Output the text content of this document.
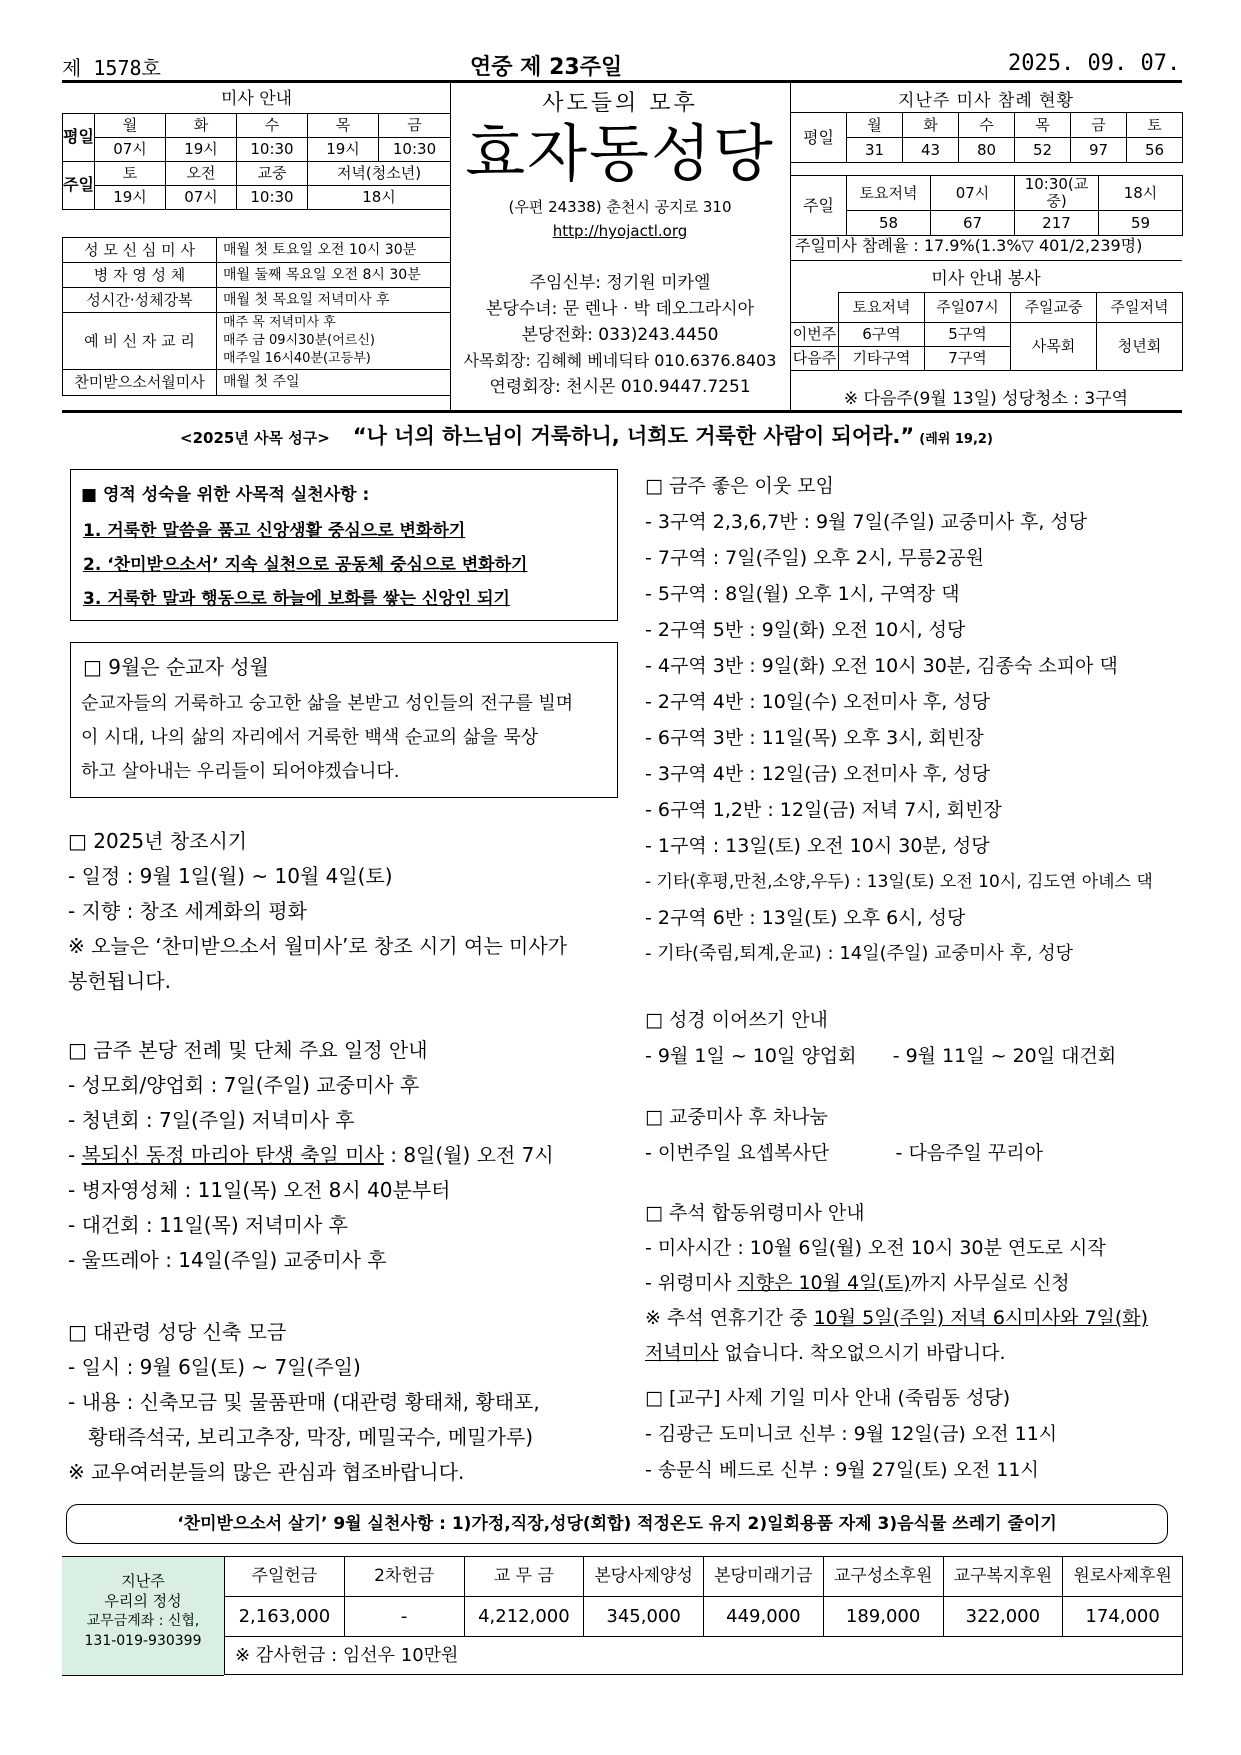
제 1578호	연중 제 23주일	2025. 09. 07.
미사 안내					
평일	월	화	수	목	금
	07시	19시	10:30	19시	10:30
주일	토	오전	교중	저녁(청소년)	
	19시	07시	10:30	18시	
성 모 신 심 미 사	매월 첫 토요일 오전 10시 30분
병 자 영 성 체	매월 둘째 목요일 오전 8시 30분
성시간·성체강복	매월 첫 목요일 저녁미사 후
예 비 신 자 교 리	매주 목 저녁미사 후
매주 금 09시30분(어르신)
매주일 16시40분(고등부)

찬미받으소서월미사	매월 첫 주일
사도들의 모후
효자동성당
(우편 24338) 춘천시 공지로 310
http://hyojactl.org
주임신부: 정기원 미카엘
본당수녀: 문 렌나 · 박 데오그라시아
본당전화: 033)243.4450
사목회장: 김혜혜 베네딕타 010.6376.8403
연령회장: 천시몬 010.9447.7251
지난주 미사 참례 현황
평일	월	화	수	목	금	토
	31	43	80	52	97	56
주일	토요저녁	07시	10:30(교중)	18시
	58	67	217	59
주일미사 참례율 : 17.9%(1.3%▽ 401/2,239명)
미사 안내 봉사
	토요저녁	주일07시	주일교중	주일저녁
이번주	6구역	5구역	사목회	청년회
다음주	기타구역	7구역		
※ 다음주(9월 13일) 성당청소 : 3구역
<2025년 사목 성구> “나 너의 하느님이 거룩하니, 너희도 거룩한 사람이 되어라.” (레위 19,2)
■ 영적 성숙을 위한 사목적 실천사항 :
1. 거룩한 말씀을 품고 신앙생활 중심으로 변화하기
2. ‘찬미받으소서’ 지속 실천으로 공동체 중심으로 변화하기
3. 거룩한 말과 행동으로 하늘에 보화를 쌓는 신앙인 되기
□ 9월은 순교자 성월
순교자들의 거룩하고 숭고한 삶을 본받고 성인들의 전구를 빌며
이 시대, 나의 삶의 자리에서 거룩한 백색 순교의 삶을 묵상
하고 살아내는 우리들이 되어야겠습니다.
□ 2025년 창조시기
- 일정 : 9월 1일(월) ~ 10월 4일(토)
- 지향 : 창조 세계화의 평화
※ 오늘은 ‘찬미받으소서 월미사’로 창조 시기 여는 미사가
봉헌됩니다.
□ 금주 본당 전례 및 단체 주요 일정 안내
- 성모회/양업회 : 7일(주일) 교중미사 후
- 청년회 : 7일(주일) 저녁미사 후
- 복되신 동정 마리아 탄생 축일 미사 : 8일(월) 오전 7시
- 병자영성체 : 11일(목) 오전 8시 40분부터
- 대건회 : 11일(목) 저녁미사 후
- 울뜨레아 : 14일(주일) 교중미사 후
□ 대관령 성당 신축 모금
- 일시 : 9월 6일(토) ~ 7일(주일)
- 내용 : 신축모금 및 물품판매 (대관령 황태채, 황태포,
황태즉석국, 보리고추장, 막장, 메밀국수, 메밀가루)
※ 교우여러분들의 많은 관심과 협조바랍니다.
□ 금주 좋은 이웃 모임
- 3구역 2,3,6,7반 : 9월 7일(주일) 교중미사 후, 성당
- 7구역 : 7일(주일) 오후 2시, 무릉2공원
- 5구역 : 8일(월) 오후 1시, 구역장 댁
- 2구역 5반 : 9일(화) 오전 10시, 성당
- 4구역 3반 : 9일(화) 오전 10시 30분, 김종숙 소피아 댁
- 2구역 4반 : 10일(수) 오전미사 후, 성당
- 6구역 3반 : 11일(목) 오후 3시, 회빈장
- 3구역 4반 : 12일(금) 오전미사 후, 성당
- 6구역 1,2반 : 12일(금) 저녁 7시, 회빈장
- 1구역 : 13일(토) 오전 10시 30분, 성당
- 기타(후평,만천,소양,우두) : 13일(토) 오전 10시, 김도연 아녜스 댁
- 2구역 6반 : 13일(토) 오후 6시, 성당
- 기타(죽림,퇴계,운교) : 14일(주일) 교중미사 후, 성당
□ 성경 이어쓰기 안내
- 9월 1일 ~ 10일 양업회      - 9월 11일 ~ 20일 대건회
□ 교중미사 후 차나눔
- 이번주일 요셉복사단           - 다음주일 꾸리아
□ 추석 합동위령미사 안내
- 미사시간 : 10월 6일(월) 오전 10시 30분 연도로 시작
- 위령미사 지향은 10월 4일(토)까지 사무실로 신청
※ 추석 연휴기간 중 10월 5일(주일) 저녁 6시미사와 7일(화)
저녁미사 없습니다. 착오없으시기 바랍니다.
□ [교구] 사제 기일 미사 안내 (죽림동 성당)
- 김광근 도미니코 신부 : 9월 12일(금) 오전 11시
- 송문식 베드로 신부 : 9월 27일(토) 오전 11시
‘찬미받으소서 살기’ 9월 실천사항 : 1)가정,직장,성당(회합) 적정온도 유지 2)일회용품 자제 3)음식물 쓰레기 줄이기
지난주
우리의 정성
교무금계좌 : 신협,
131-019-930399
주일헌금	2차헌금	교 무 금	본당사제양성	본당미래기금	교구성소후원	교구복지후원	원로사제후원
2,163,000	-	4,212,000	345,000	449,000	189,000	322,000	174,000
※ 감사헌금 : 임선우 10만원							
